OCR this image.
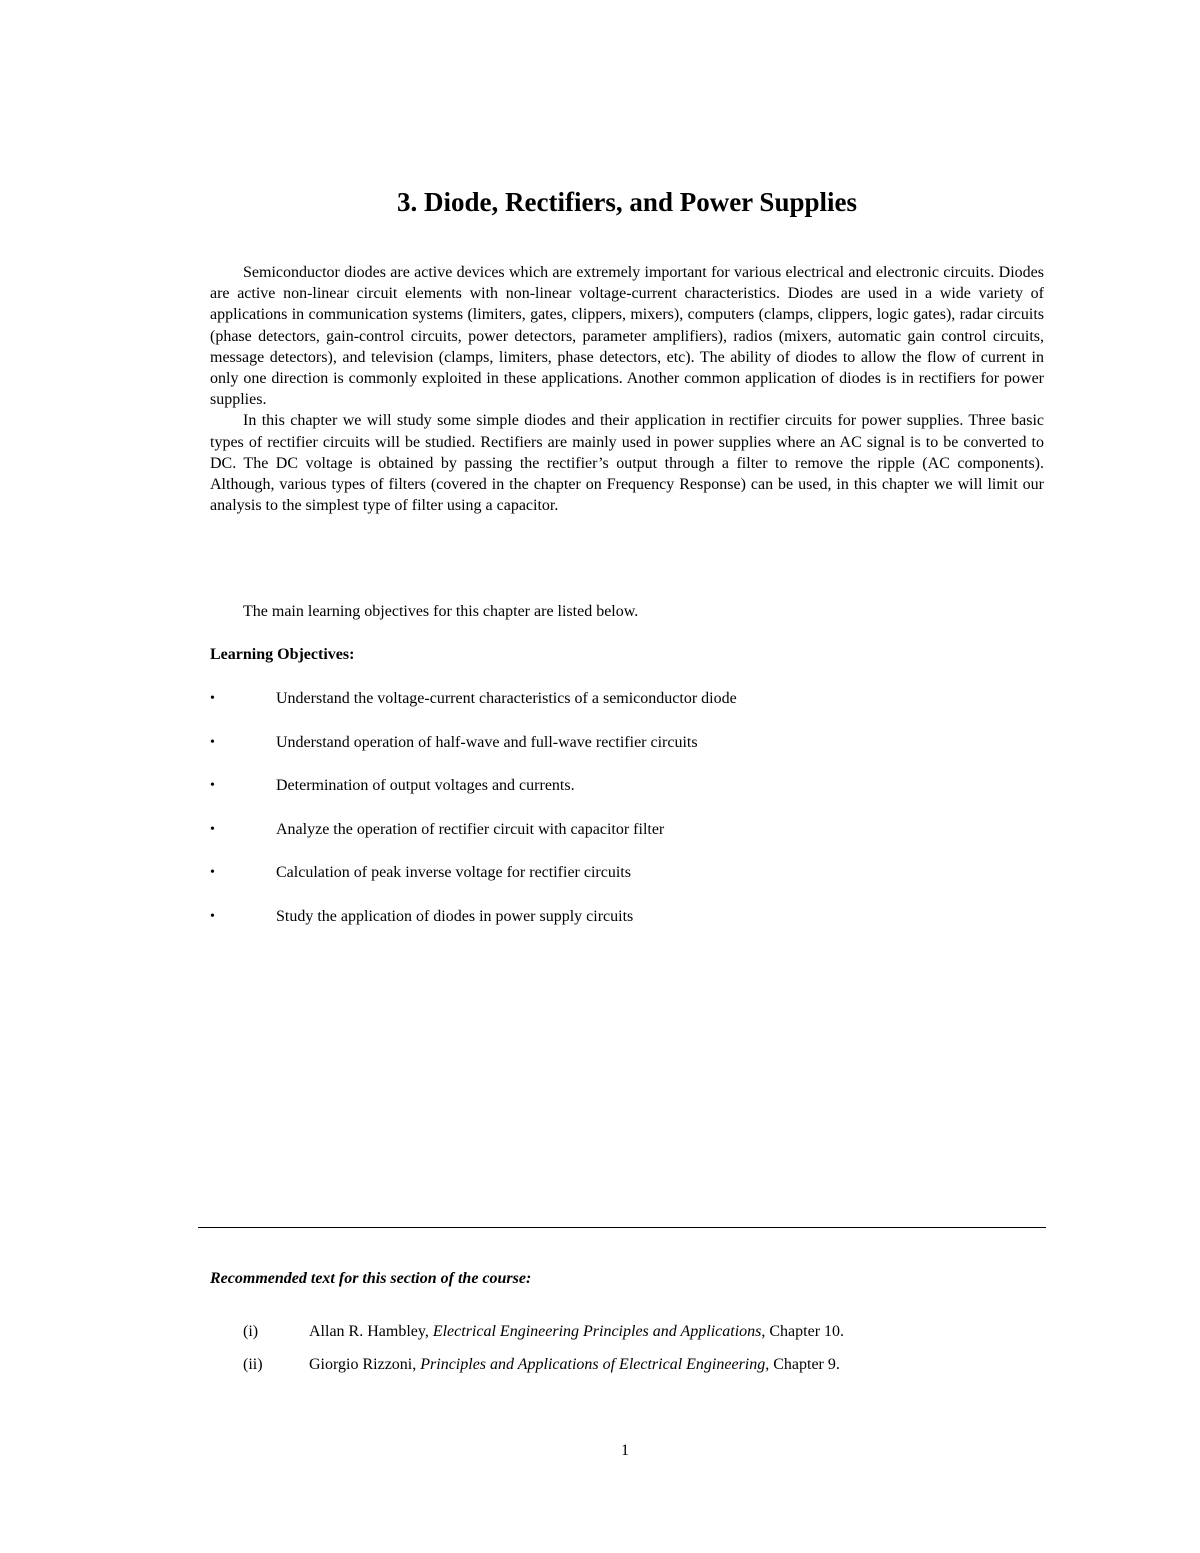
3. Diode, Rectifiers, and Power Supplies

Semiconductor diodes are active devices which are extremely important for various electrical and electronic circuits. Diodes are active non-linear circuit elements with non-linear voltage-current characteristics. Diodes are used in a wide variety of applications in communication systems (limiters, gates, clippers, mixers), computers (clamps, clippers, logic gates), radar circuits (phase detectors, gain-control circuits, power detectors, parameter amplifiers), radios (mixers, automatic gain control circuits, message detectors), and television (clamps, limiters, phase detectors, etc). The ability of diodes to allow the flow of current in only one direction is commonly exploited in these applications. Another common application of diodes is in rectifiers for power supplies.

In this chapter we will study some simple diodes and their application in rectifier circuits for power supplies. Three basic types of rectifier circuits will be studied. Rectifiers are mainly used in power supplies where an AC signal is to be converted to DC. The DC voltage is obtained by passing the rectifier’s output through a filter to remove the ripple (AC components). Although, various types of filters (covered in the chapter on Frequency Response) can be used, in this chapter we will limit our analysis to the simplest type of filter using a capacitor.

The main learning objectives for this chapter are listed below.

Learning Objectives:

•	Understand the voltage-current characteristics of a semiconductor diode
•	Understand operation of half-wave and full-wave rectifier circuits
•	Determination of output voltages and currents.
•	Analyze the operation of rectifier circuit with capacitor filter
•	Calculation of peak inverse voltage for rectifier circuits
•	Study the application of diodes in power supply circuits

Recommended text for this section of the course:

(i)	Allan R. Hambley, Electrical Engineering Principles and Applications, Chapter 10.
(ii)	Giorgio Rizzoni, Principles and Applications of Electrical Engineering, Chapter 9.

1
